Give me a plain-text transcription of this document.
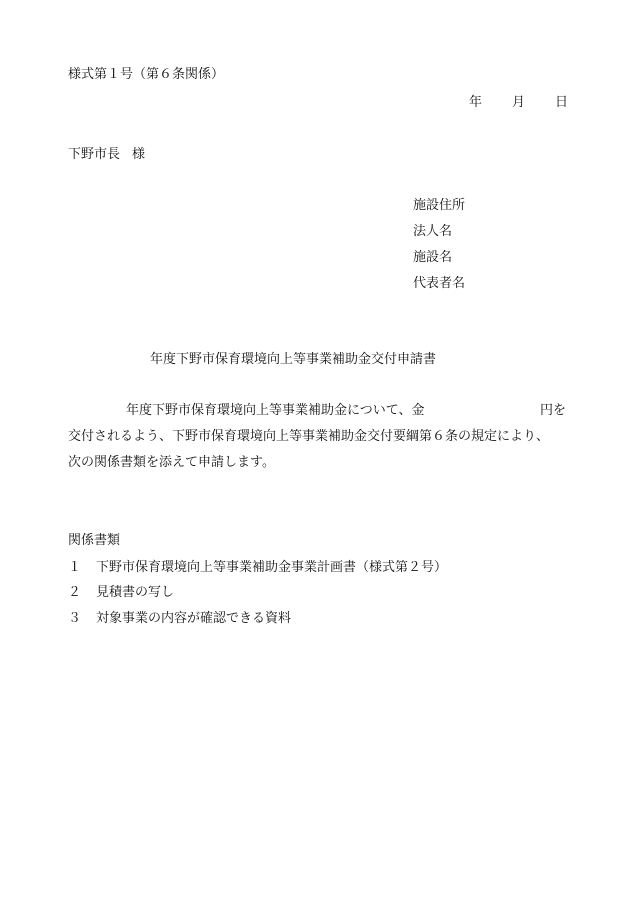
様式第１号（第６条関係）
年 月 日
下野市長 様
施設住所
法人名
施設名
代表者名
年度下野市保育環境向上等事業補助金交付申請書
年度下野市保育環境向上等事業補助金について、金	円を
交付されるよう、下野市保育環境向上等事業補助金交付要綱第６条の規定により、
次の関係書類を添えて申請します。
関係書類
１ 下野市保育環境向上等事業補助金事業計画書（様式第２号）
２ 見積書の写し
３ 対象事業の内容が確認できる資料
